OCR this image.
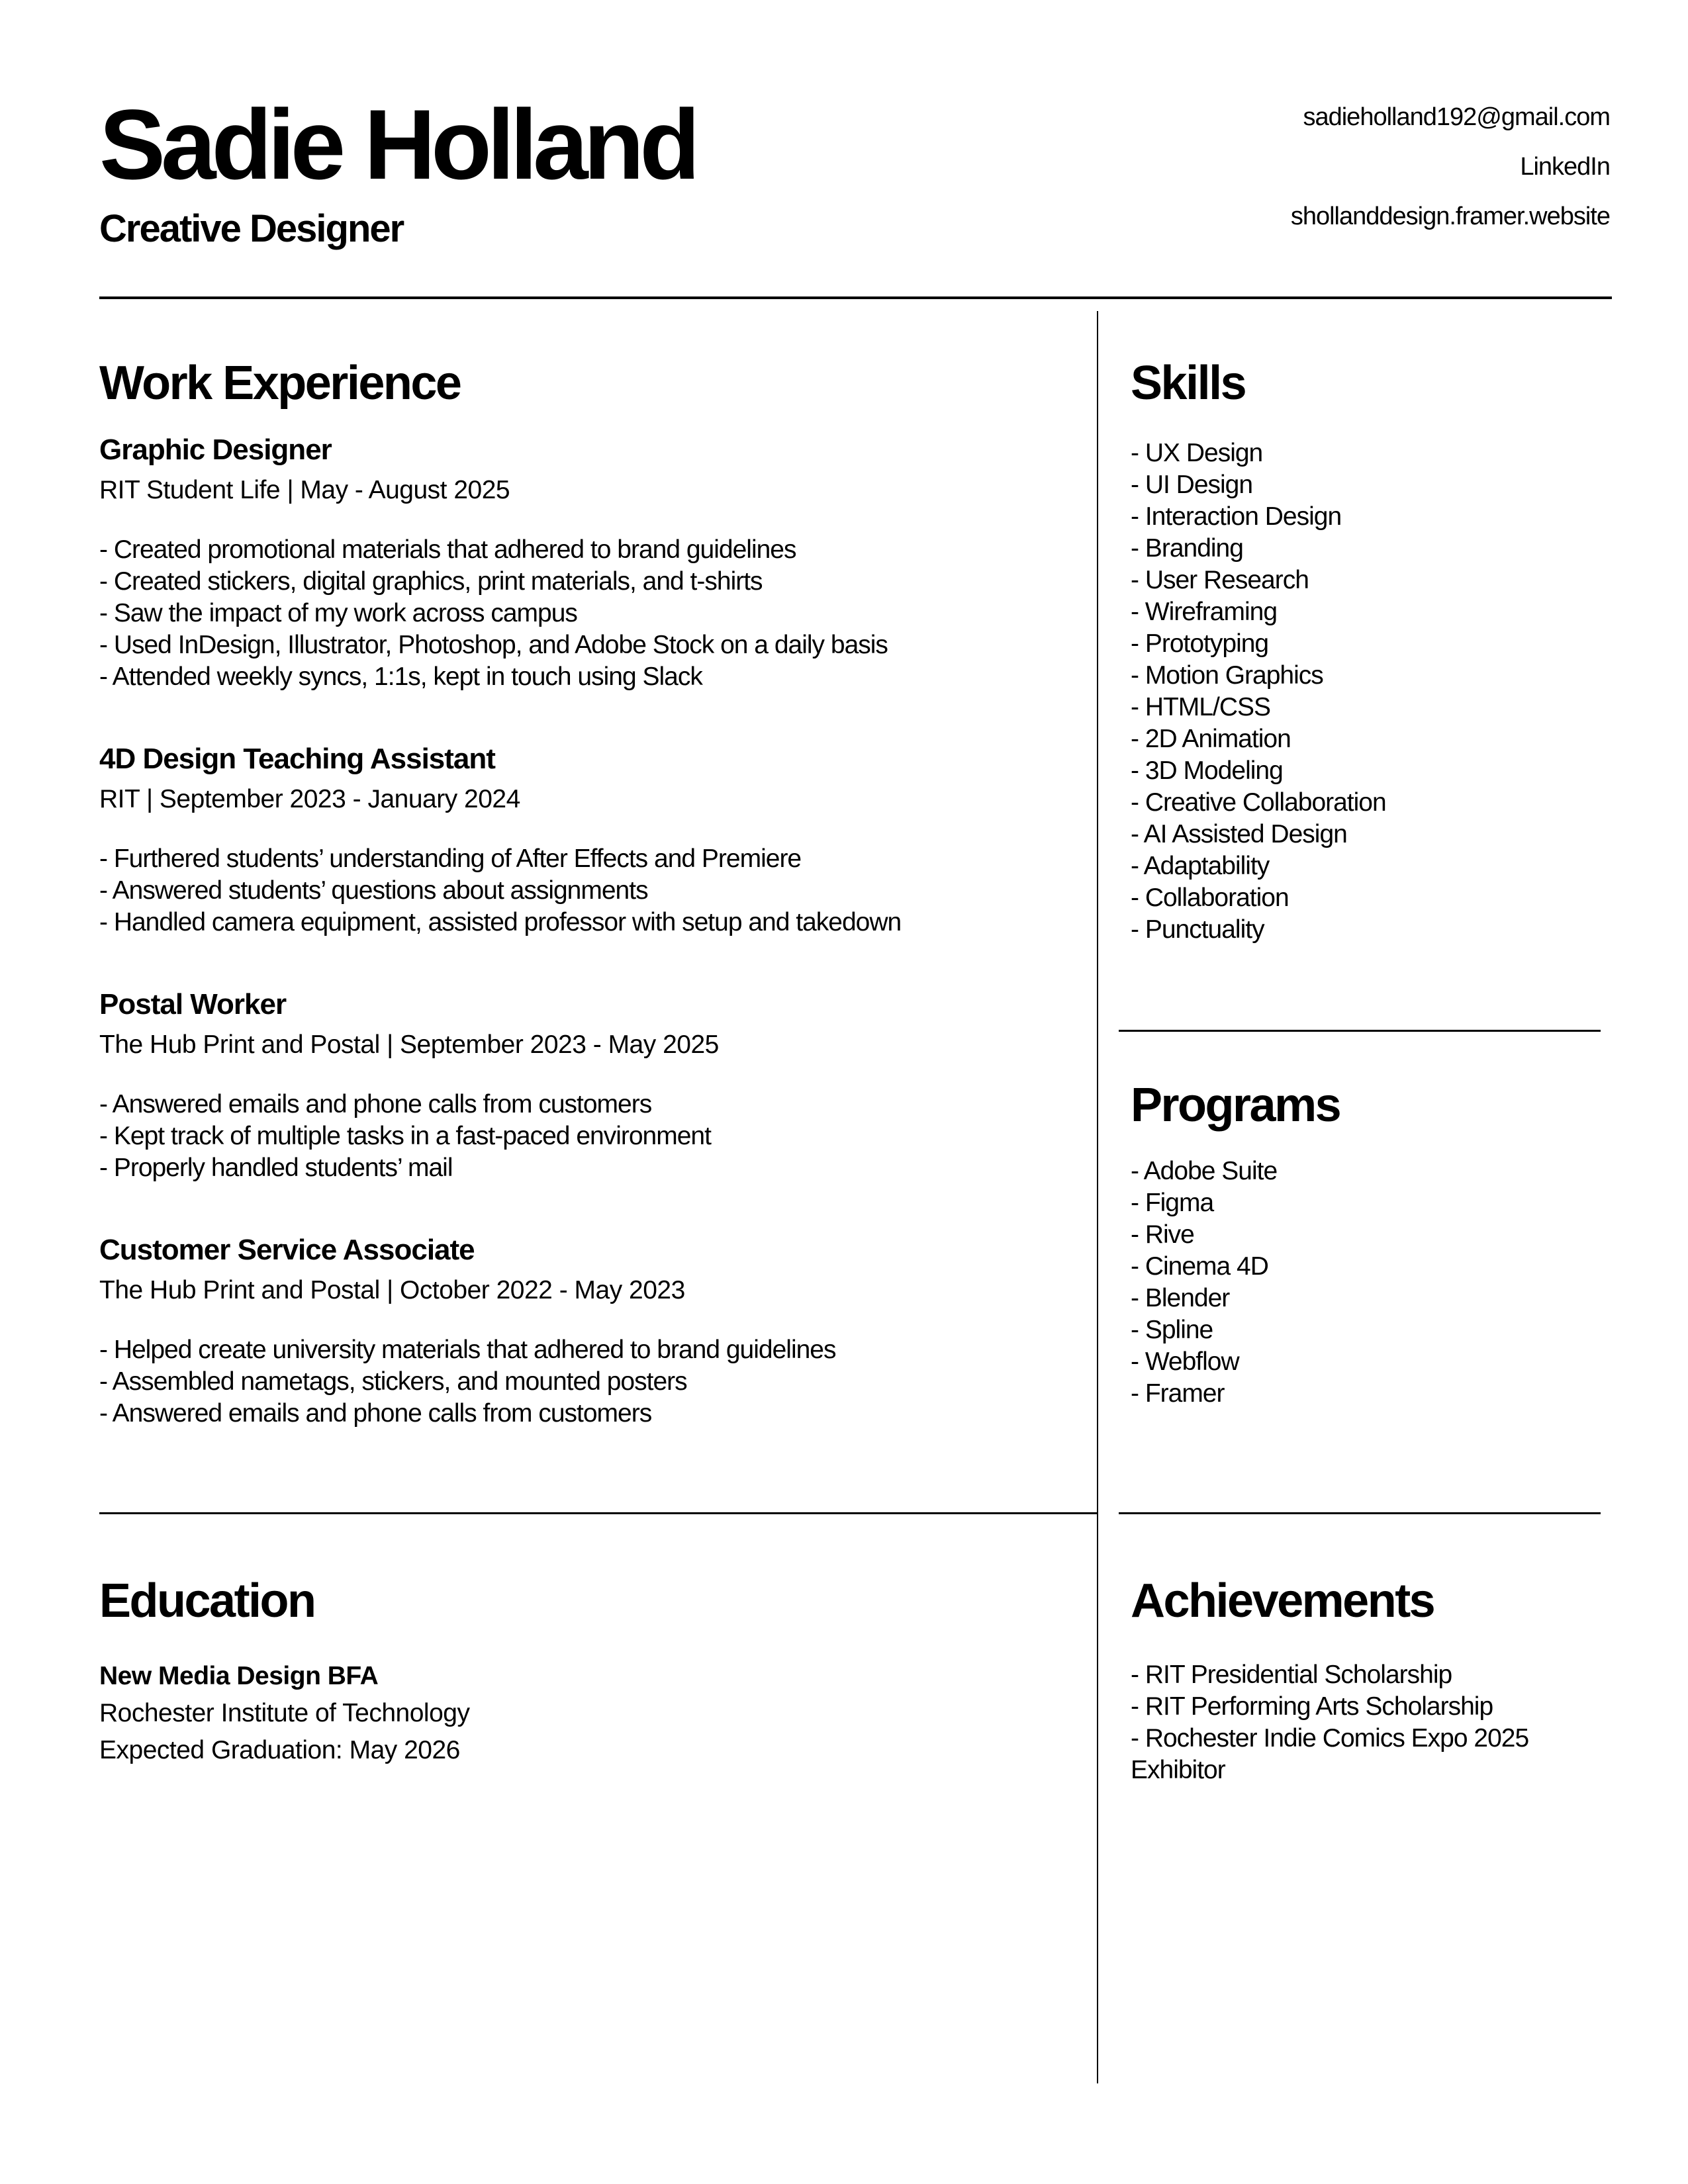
Sadie Holland
Creative Designer
sadieholland192@gmail.com
LinkedIn
shollanddesign.framer.website
Work Experience
Graphic Designer
RIT Student Life | May - August 2025
- Created promotional materials that adhered to brand guidelines
- Created stickers, digital graphics, print materials, and t-shirts
- Saw the impact of my work across campus
- Used InDesign, Illustrator, Photoshop, and Adobe Stock on a daily basis
- Attended weekly syncs, 1:1s, kept in touch using Slack
4D Design Teaching Assistant
RIT | September 2023 - January 2024
- Furthered students’ understanding of After Effects and Premiere
- Answered students’ questions about assignments
- Handled camera equipment, assisted professor with setup and takedown
Postal Worker
The Hub Print and Postal | September 2023 - May 2025
- Answered emails and phone calls from customers
- Kept track of multiple tasks in a fast-paced environment
- Properly handled students’ mail
Customer Service Associate
The Hub Print and Postal | October 2022 - May 2023
- Helped create university materials that adhered to brand guidelines
- Assembled nametags, stickers, and mounted posters
- Answered emails and phone calls from customers
Education
New Media Design BFA
Rochester Institute of Technology
Expected Graduation: May 2026
Skills
- UX Design
- UI Design
- Interaction Design
- Branding
- User Research
- Wireframing
- Prototyping
- Motion Graphics
- HTML/CSS
- 2D Animation
- 3D Modeling
- Creative Collaboration
- AI Assisted Design
- Adaptability
- Collaboration
- Punctuality
Programs
- Adobe Suite
- Figma
- Rive
- Cinema 4D
- Blender
- Spline
- Webflow
- Framer
Achievements
- RIT Presidential Scholarship
- RIT Performing Arts Scholarship
- Rochester Indie Comics Expo 2025 Exhibitor
